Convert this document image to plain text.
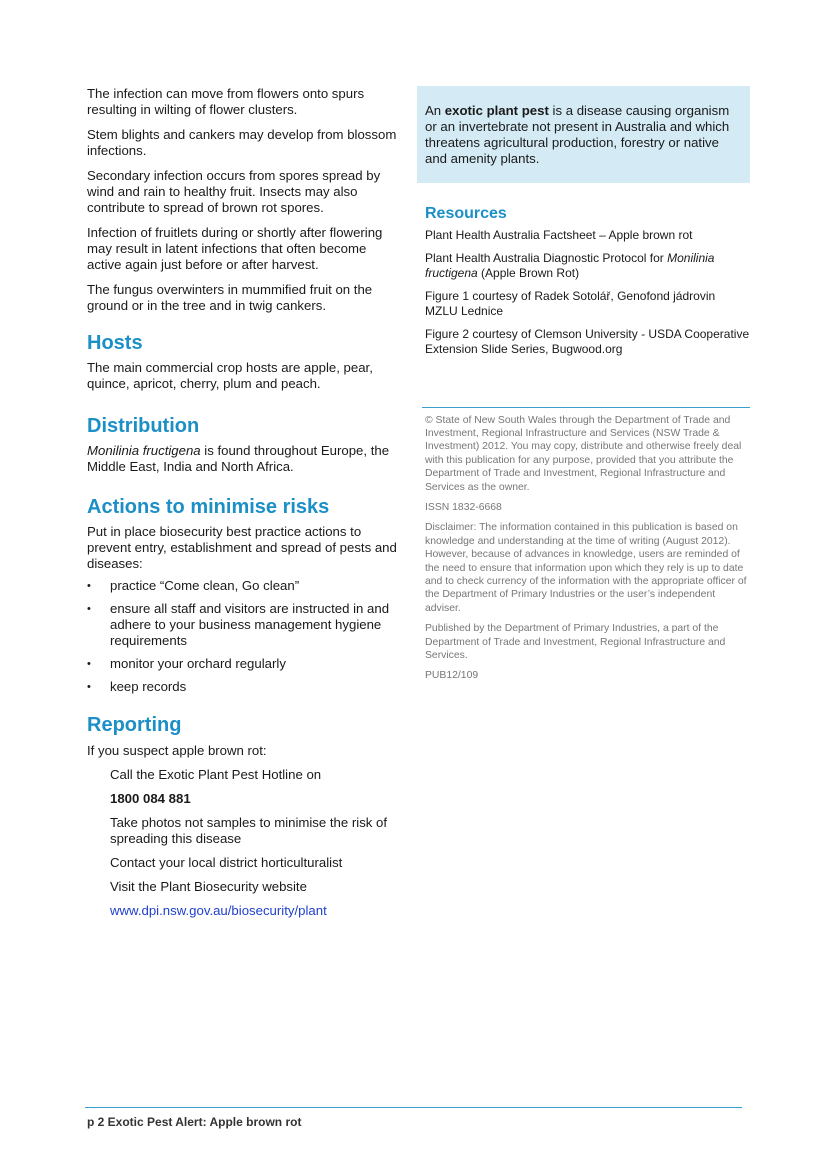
The infection can move from flowers onto spurs resulting in wilting of flower clusters.

Stem blights and cankers may develop from blossom infections.

Secondary infection occurs from spores spread by wind and rain to healthy fruit. Insects may also contribute to spread of brown rot spores.

Infection of fruitlets during or shortly after flowering may result in latent infections that often become active again just before or after harvest.

The fungus overwinters in mummified fruit on the ground or in the tree and in twig cankers.

Hosts

The main commercial crop hosts are apple, pear, quince, apricot, cherry, plum and peach.

Distribution

Monilinia fructigena is found throughout Europe, the Middle East, India and North Africa.

Actions to minimise risks

Put in place biosecurity best practice actions to prevent entry, establishment and spread of pests and diseases:

• practice “Come clean, Go clean”
• ensure all staff and visitors are instructed in and adhere to your business management hygiene requirements
• monitor your orchard regularly
• keep records
Reporting

If you suspect apple brown rot:

Call the Exotic Plant Pest Hotline on

1800 084 881

Take photos not samples to minimise the risk of spreading this disease

Contact your local district horticulturalist

Visit the Plant Biosecurity website

www.dpi.nsw.gov.au/biosecurity/plant

An exotic plant pest is a disease causing organism or an invertebrate not present in Australia and which threatens agricultural production, forestry or native and amenity plants.

Resources

Plant Health Australia Factsheet – Apple brown rot

Plant Health Australia Diagnostic Protocol for Monilinia fructigena (Apple Brown Rot)

Figure 1 courtesy of Radek Sotolář, Genofond jádrovin MZLU Lednice

Figure 2 courtesy of Clemson University - USDA Cooperative Extension Slide Series, Bugwood.org

© State of New South Wales through the Department of Trade and Investment, Regional Infrastructure and Services (NSW Trade & Investment) 2012. You may copy, distribute and otherwise freely deal with this publication for any purpose, provided that you attribute the Department of Trade and Investment, Regional Infrastructure and Services as the owner.

ISSN 1832-6668

Disclaimer: The information contained in this publication is based on knowledge and understanding at the time of writing (August 2012). However, because of advances in knowledge, users are reminded of the need to ensure that information upon which they rely is up to date and to check currency of the information with the appropriate officer of the Department of Primary Industries or the user’s independent adviser.

Published by the Department of Primary Industries, a part of the Department of Trade and Investment, Regional Infrastructure and Services.

PUB12/109

p 2 Exotic Pest Alert: Apple brown rot
